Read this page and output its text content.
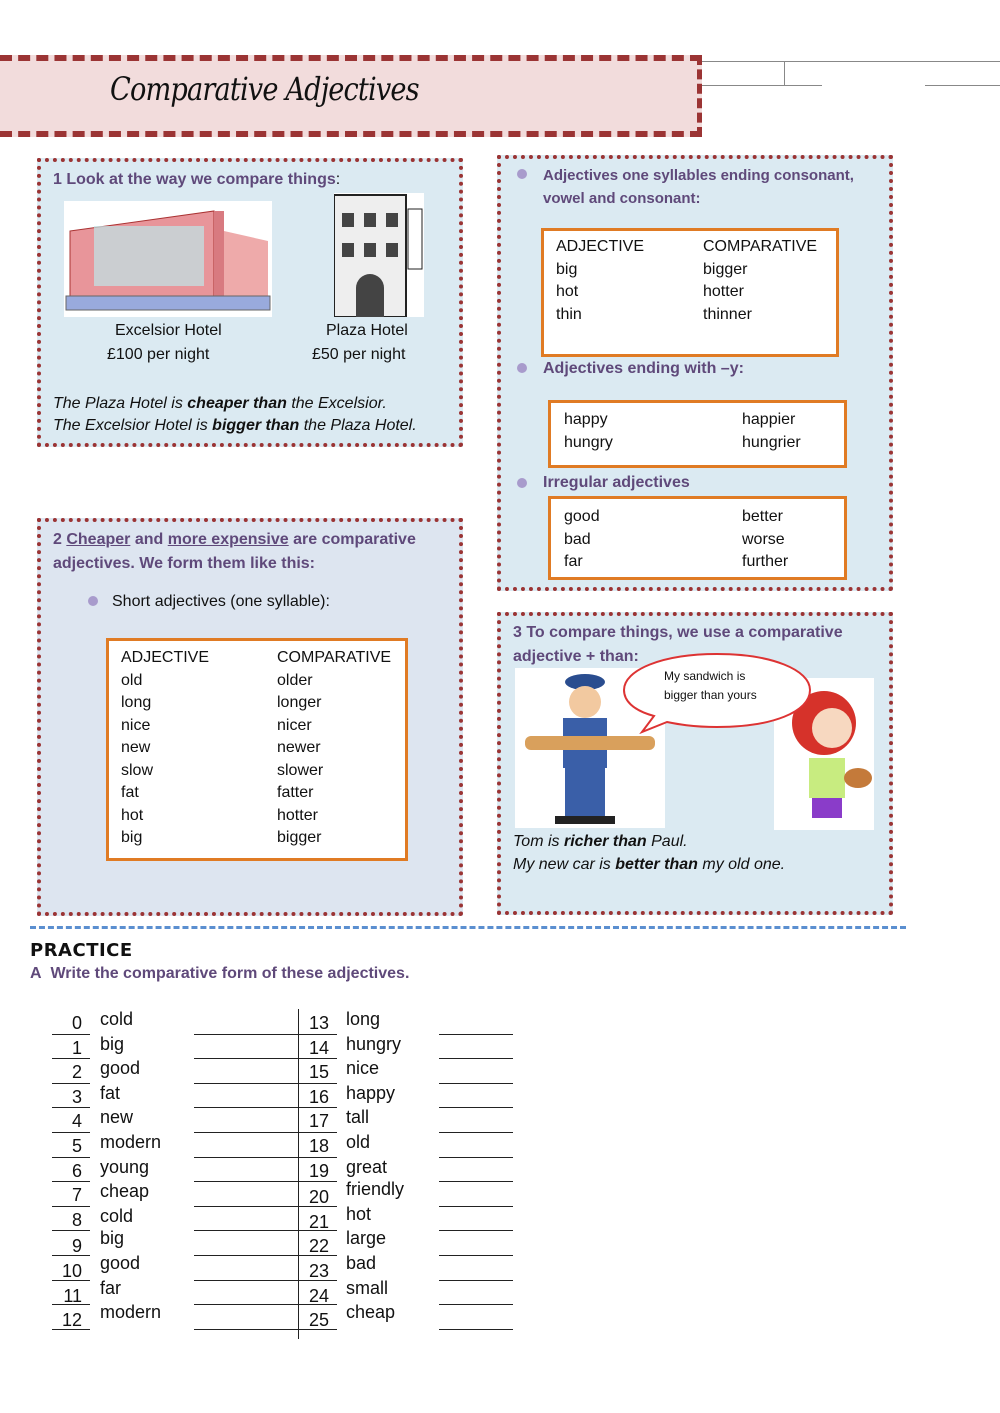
Comparative Adjectives
1 Look at the way we compare things:
Excelsior Hotel
£100 per night
Plaza Hotel
£50 per night
The Plaza Hotel is cheaper than the Excelsior.
The Excelsior Hotel is bigger than the Plaza Hotel.
2 Cheaper and more expensive are comparative
adjectives. We form them like this:
Short adjectives (one syllable):
ADJECTIVE	COMPARATIVE
old	older
long	longer
nice	nicer
new	newer
slow	slower
fat	fatter
hot	hotter
big	bigger
Adjectives one syllables ending consonant,
vowel and consonant:
ADJECTIVE	COMPARATIVE
big	bigger
hot	hotter
thin	thinner
Adjectives ending with –y:
happy	happier
hungry	hungrier
Irregular adjectives
good	better
bad	worse
far	further
3 To compare things, we use a comparative
adjective + than:
My sandwich is
bigger than yours
Tom is richer than Paul.
My new car is better than my old one.
PRACTICE
A Write the comparative form of these adjectives.
0 cold
1 big
2 good
3 fat
4 new
5 modern
6 young
7 cheap
8 cold
9 big
10 good
11 far
12 modern
13 long
14 hungry
15 nice
16 happy
17 tall
18 old
19 great
20 friendly
21 hot
22 large
23 bad
24 small
25 cheap
